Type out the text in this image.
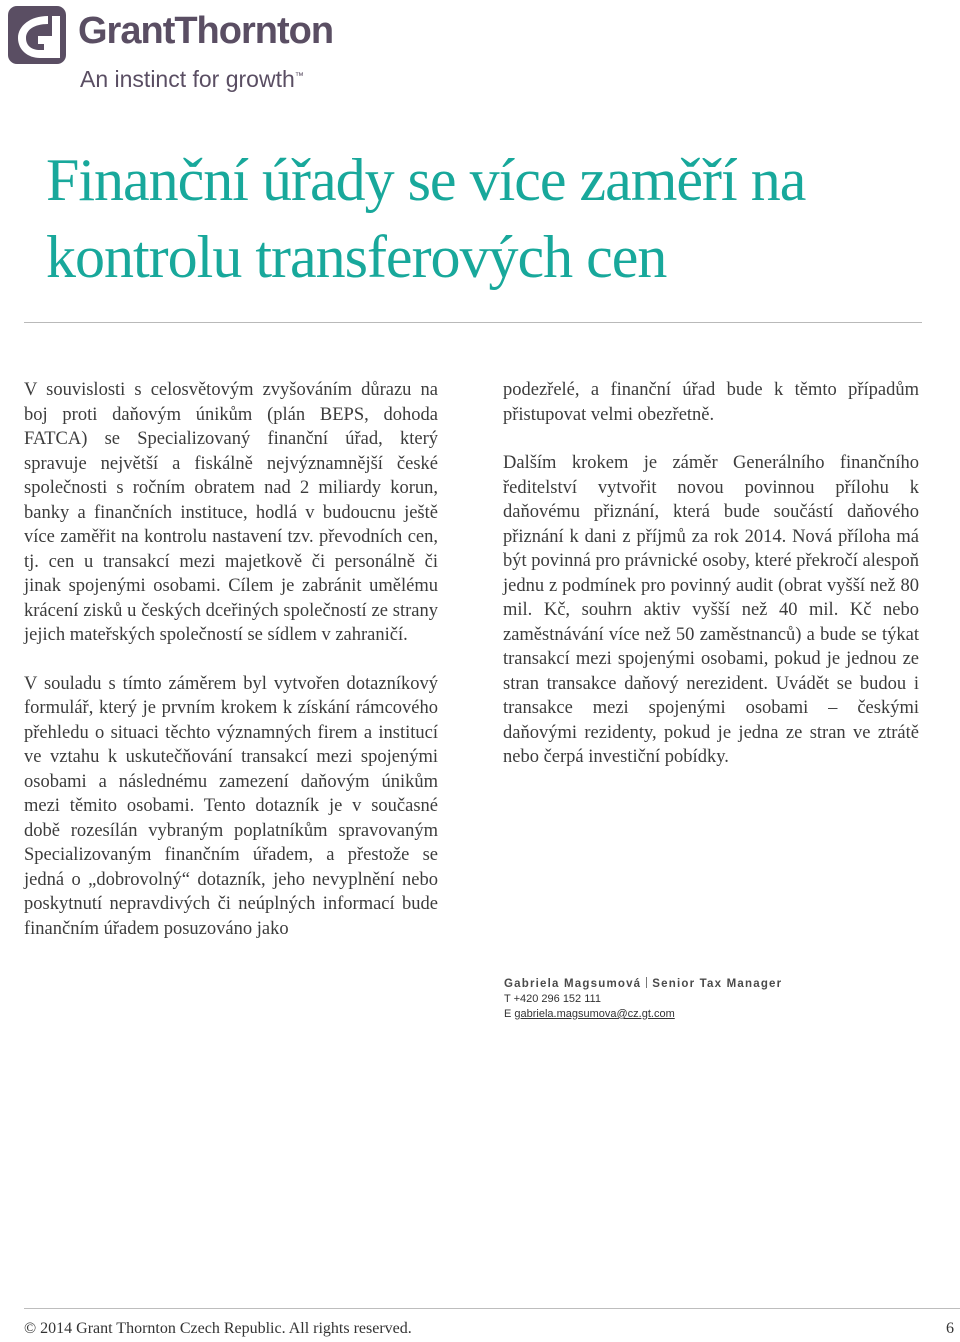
GrantThornton
An instinct for growth™
Finanční úřady se více zaměří na
kontrolu transferových cen

V souvislosti s celosvětovým zvyšováním důrazu na boj proti daňovým únikům (plán BEPS, dohoda FATCA) se Specializovaný finanční úřad, který spravuje největší a fiskálně nejvýznamnější české společnosti s ročním obratem nad 2 miliardy korun, banky a finančních instituce, hodlá v budoucnu ještě více zaměřit na kontrolu nastavení tzv. převodních cen, tj. cen u transakcí mezi majetkově či personálně či jinak spojenými osobami. Cílem je zabránit umělému krácení zisků u českých dceřiných společností ze strany jejich mateřských společností se sídlem v zahraničí.

V souladu s tímto záměrem byl vytvořen dotazníkový formulář, který je prvním krokem k získání rámcového přehledu o situaci těchto významných firem a institucí ve vztahu k uskutečňování transakcí mezi spojenými osobami a následnému zamezení daňovým únikům mezi těmito osobami. Tento dotazník je v současné době rozesílán vybraným poplatníkům spravovaným Specializovaným finančním úřadem, a přestože se jedná o „dobrovolný“ dotazník, jeho nevyplnění nebo poskytnutí nepravdivých či neúplných informací bude finančním úřadem posuzováno jako

podezřelé, a finanční úřad bude k těmto případům přistupovat velmi obezřetně.

Dalším krokem je záměr Generálního finančního ředitelství vytvořit novou povinnou přílohu k daňovému přiznání, která bude součástí daňového přiznání k dani z příjmů za rok 2014. Nová příloha má být povinná pro právnické osoby, které překročí alespoň jednu z podmínek pro povinný audit (obrat vyšší než 80 mil. Kč, souhrn aktiv vyšší než 40 mil. Kč nebo zaměstnávání více než 50 zaměstnanců) a bude se týkat transakcí mezi spojenými osobami, pokud je jednou ze stran transakce daňový nerezident. Uvádět se budou i transakce mezi spojenými osobami – českými daňovými rezidenty, pokud je jedna ze stran ve ztrátě nebo čerpá investiční pobídky.

Gabriela Magsumová Senior Tax Manager
T +420 296 152 111
E gabriela.magsumova@cz.gt.com
© 2014 Grant Thornton Czech Republic. All rights reserved.	6
